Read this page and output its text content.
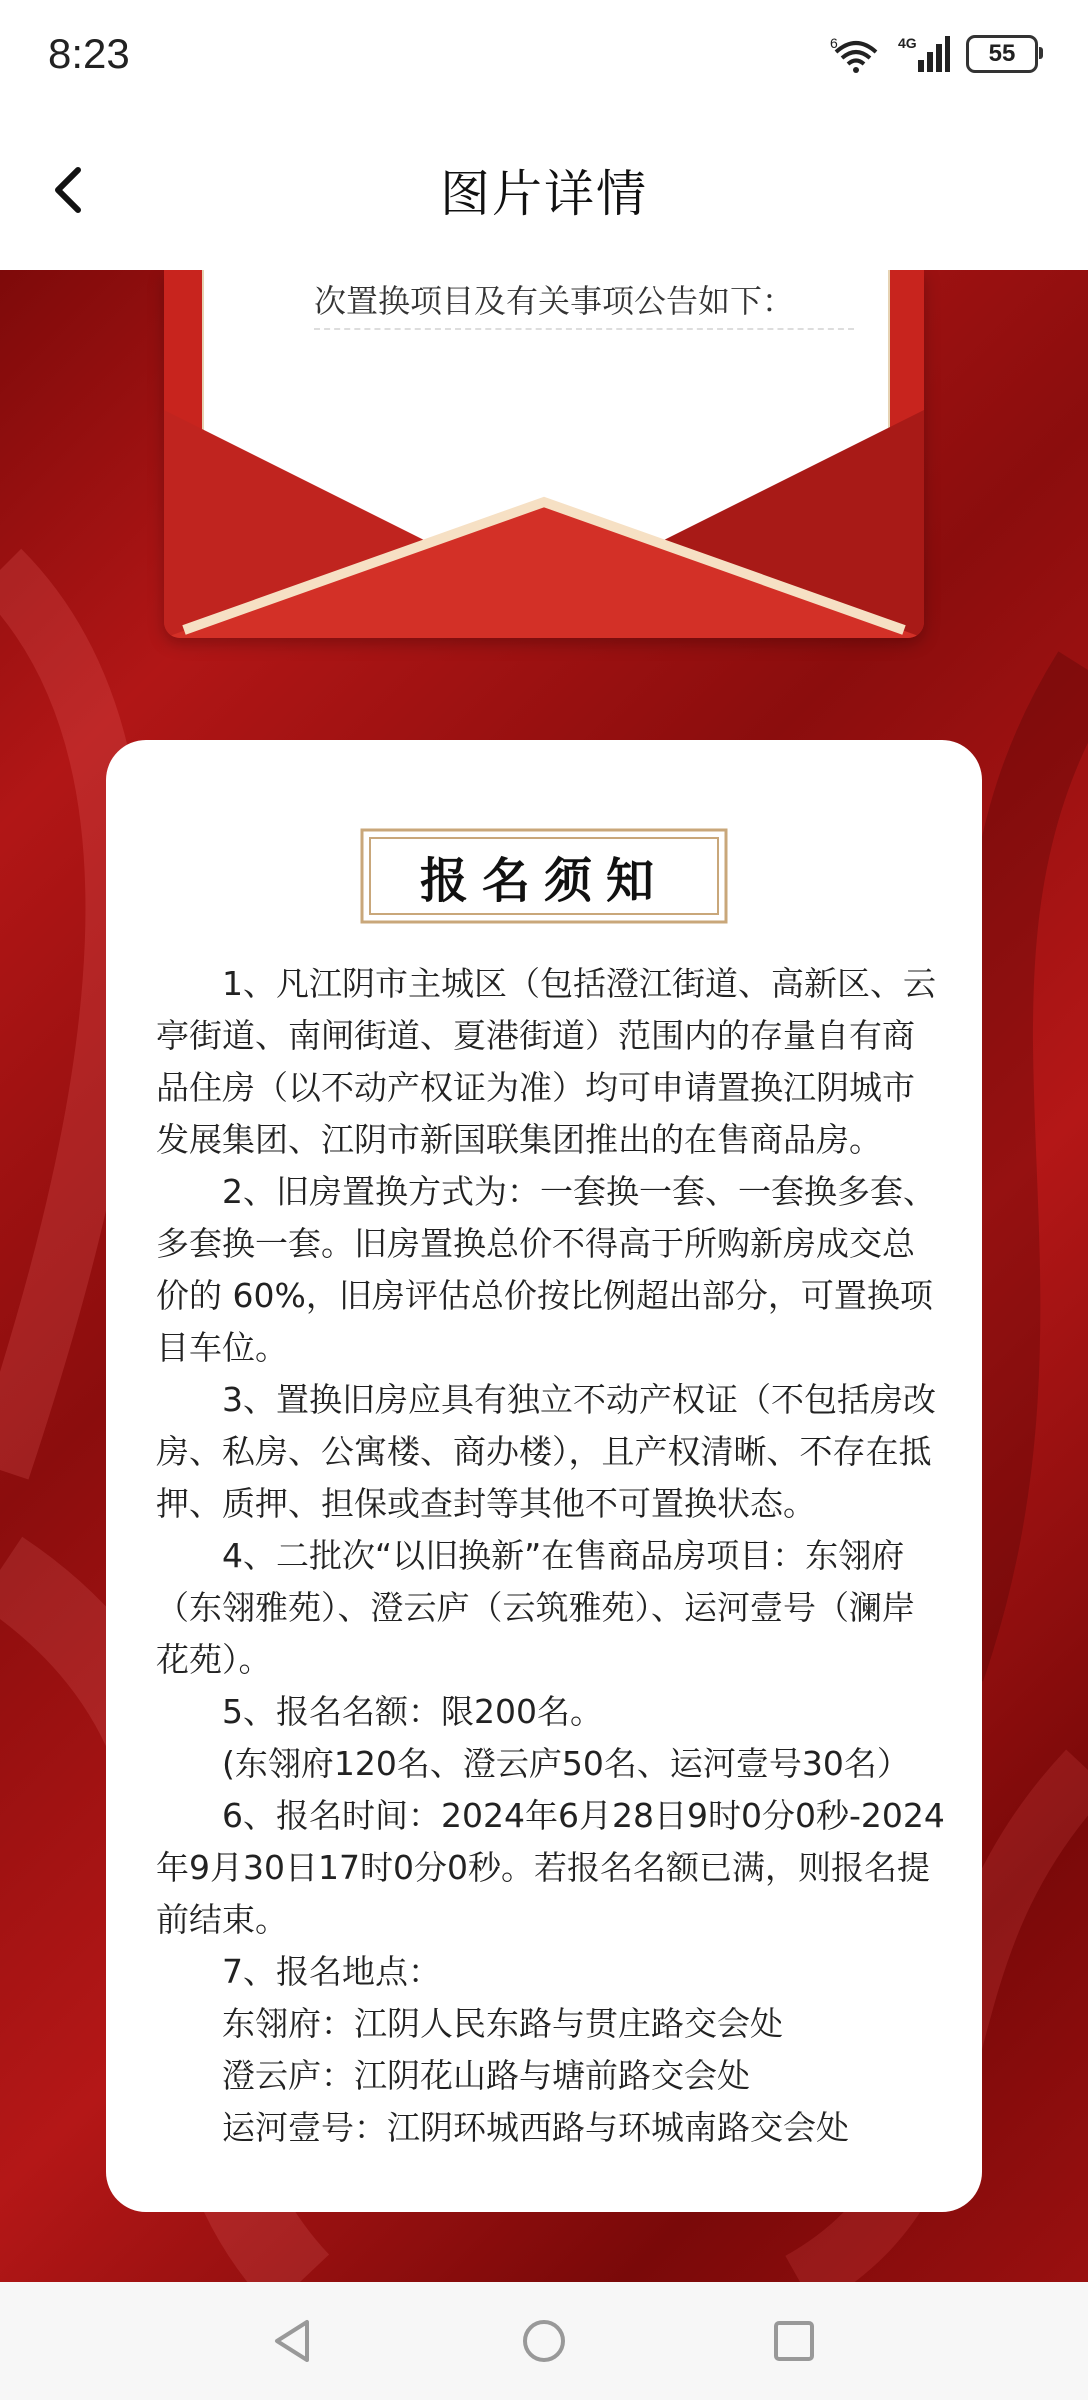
8:23	6	4G	55
图片详情
次置换项目及有关事项公告如下：
报名须知

1、凡江阴市主城区（包括澄江街道、高新区、云亭街道、南闸街道、夏港街道）范围内的存量自有商品住房（以不动产权证为准）均可申请置换江阴城市发展集团、江阴市新国联集团推出的在售商品房。

2、旧房置换方式为：一套换一套、一套换多套、多套换一套。旧房置换总价不得高于所购新房成交总价的 60%，旧房评估总价按比例超出部分，可置换项目车位。

3、置换旧房应具有独立不动产权证（不包括房改房、私房、公寓楼、商办楼），且产权清晰、不存在抵押、质押、担保或查封等其他不可置换状态。

4、二批次“以旧换新”在售商品房项目：东翎府（东翎雅苑）、澄云庐（云筑雅苑）、运河壹号（澜岸花苑）。

5、报名名额：限200名。

(东翎府120名、澄云庐50名、运河壹号30名）

6、报名时间：2024年6月28日9时0分0秒-2024年9月30日17时0分0秒。若报名名额已满，则报名提前结束。

7、报名地点：

东翎府：江阴人民东路与贯庄路交会处

澄云庐：江阴花山路与塘前路交会处

运河壹号：江阴环城西路与环城南路交会处
